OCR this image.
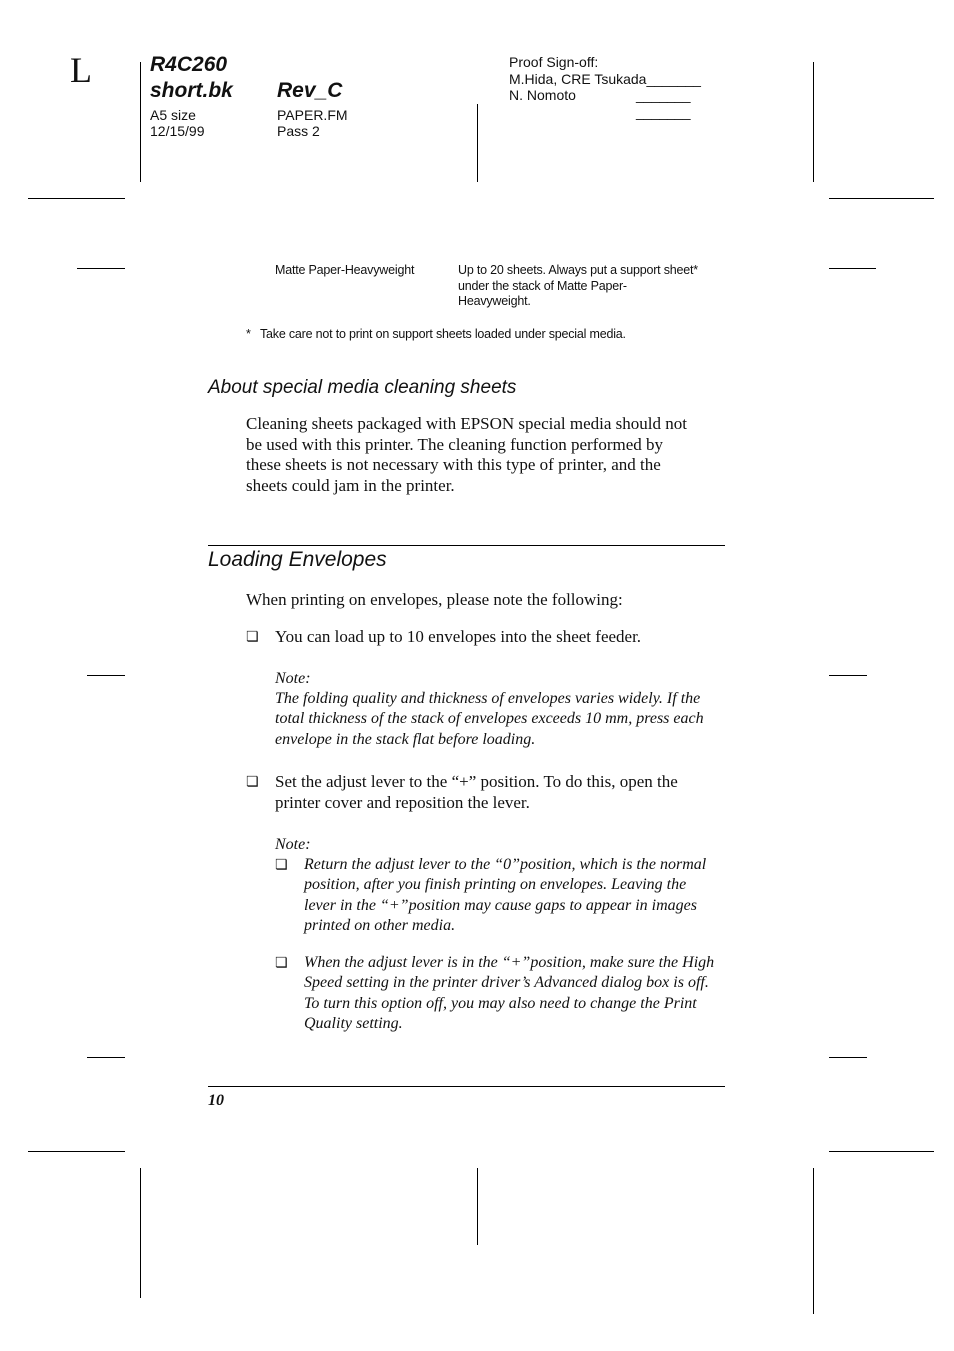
L	R4C260
short.bk Rev_C
A5 size
12/15/99
PAPER.FM
Pass 2
Proof Sign-off:
M.Hida, CRE Tsukada_______
N. Nomoto	_______
_______
Matte Paper-Heavyweight	Up to 20 sheets. Always put a support sheet*
under the stack of Matte Paper-
Heavyweight.
* Take care not to print on support sheets loaded under special media.
About special media cleaning sheets
Cleaning sheets packaged with EPSON special media should not
be used with this printer. The cleaning function performed by
these sheets is not necessary with this type of printer, and the
sheets could jam in the printer.
Loading Envelopes
When printing on envelopes, please note the following:
❏ You can load up to 10 envelopes into the sheet feeder.
Note:
The folding quality and thickness of envelopes varies widely. If the
total thickness of the stack of envelopes exceeds 10 mm, press each
envelope in the stack flat before loading.
❏ Set the adjust lever to the “+” position. To do this, open the
printer cover and reposition the lever.
Note:
❏ Return the adjust lever to the “0”position, which is the normal
position, after you finish printing on envelopes. Leaving the
lever in the “+”position may cause gaps to appear in images
printed on other media.
❏ When the adjust lever is in the “+”position, make sure the High
Speed setting in the printer driver’s Advanced dialog box is off.
To turn this option off, you may also need to change the Print
Quality setting.
10
